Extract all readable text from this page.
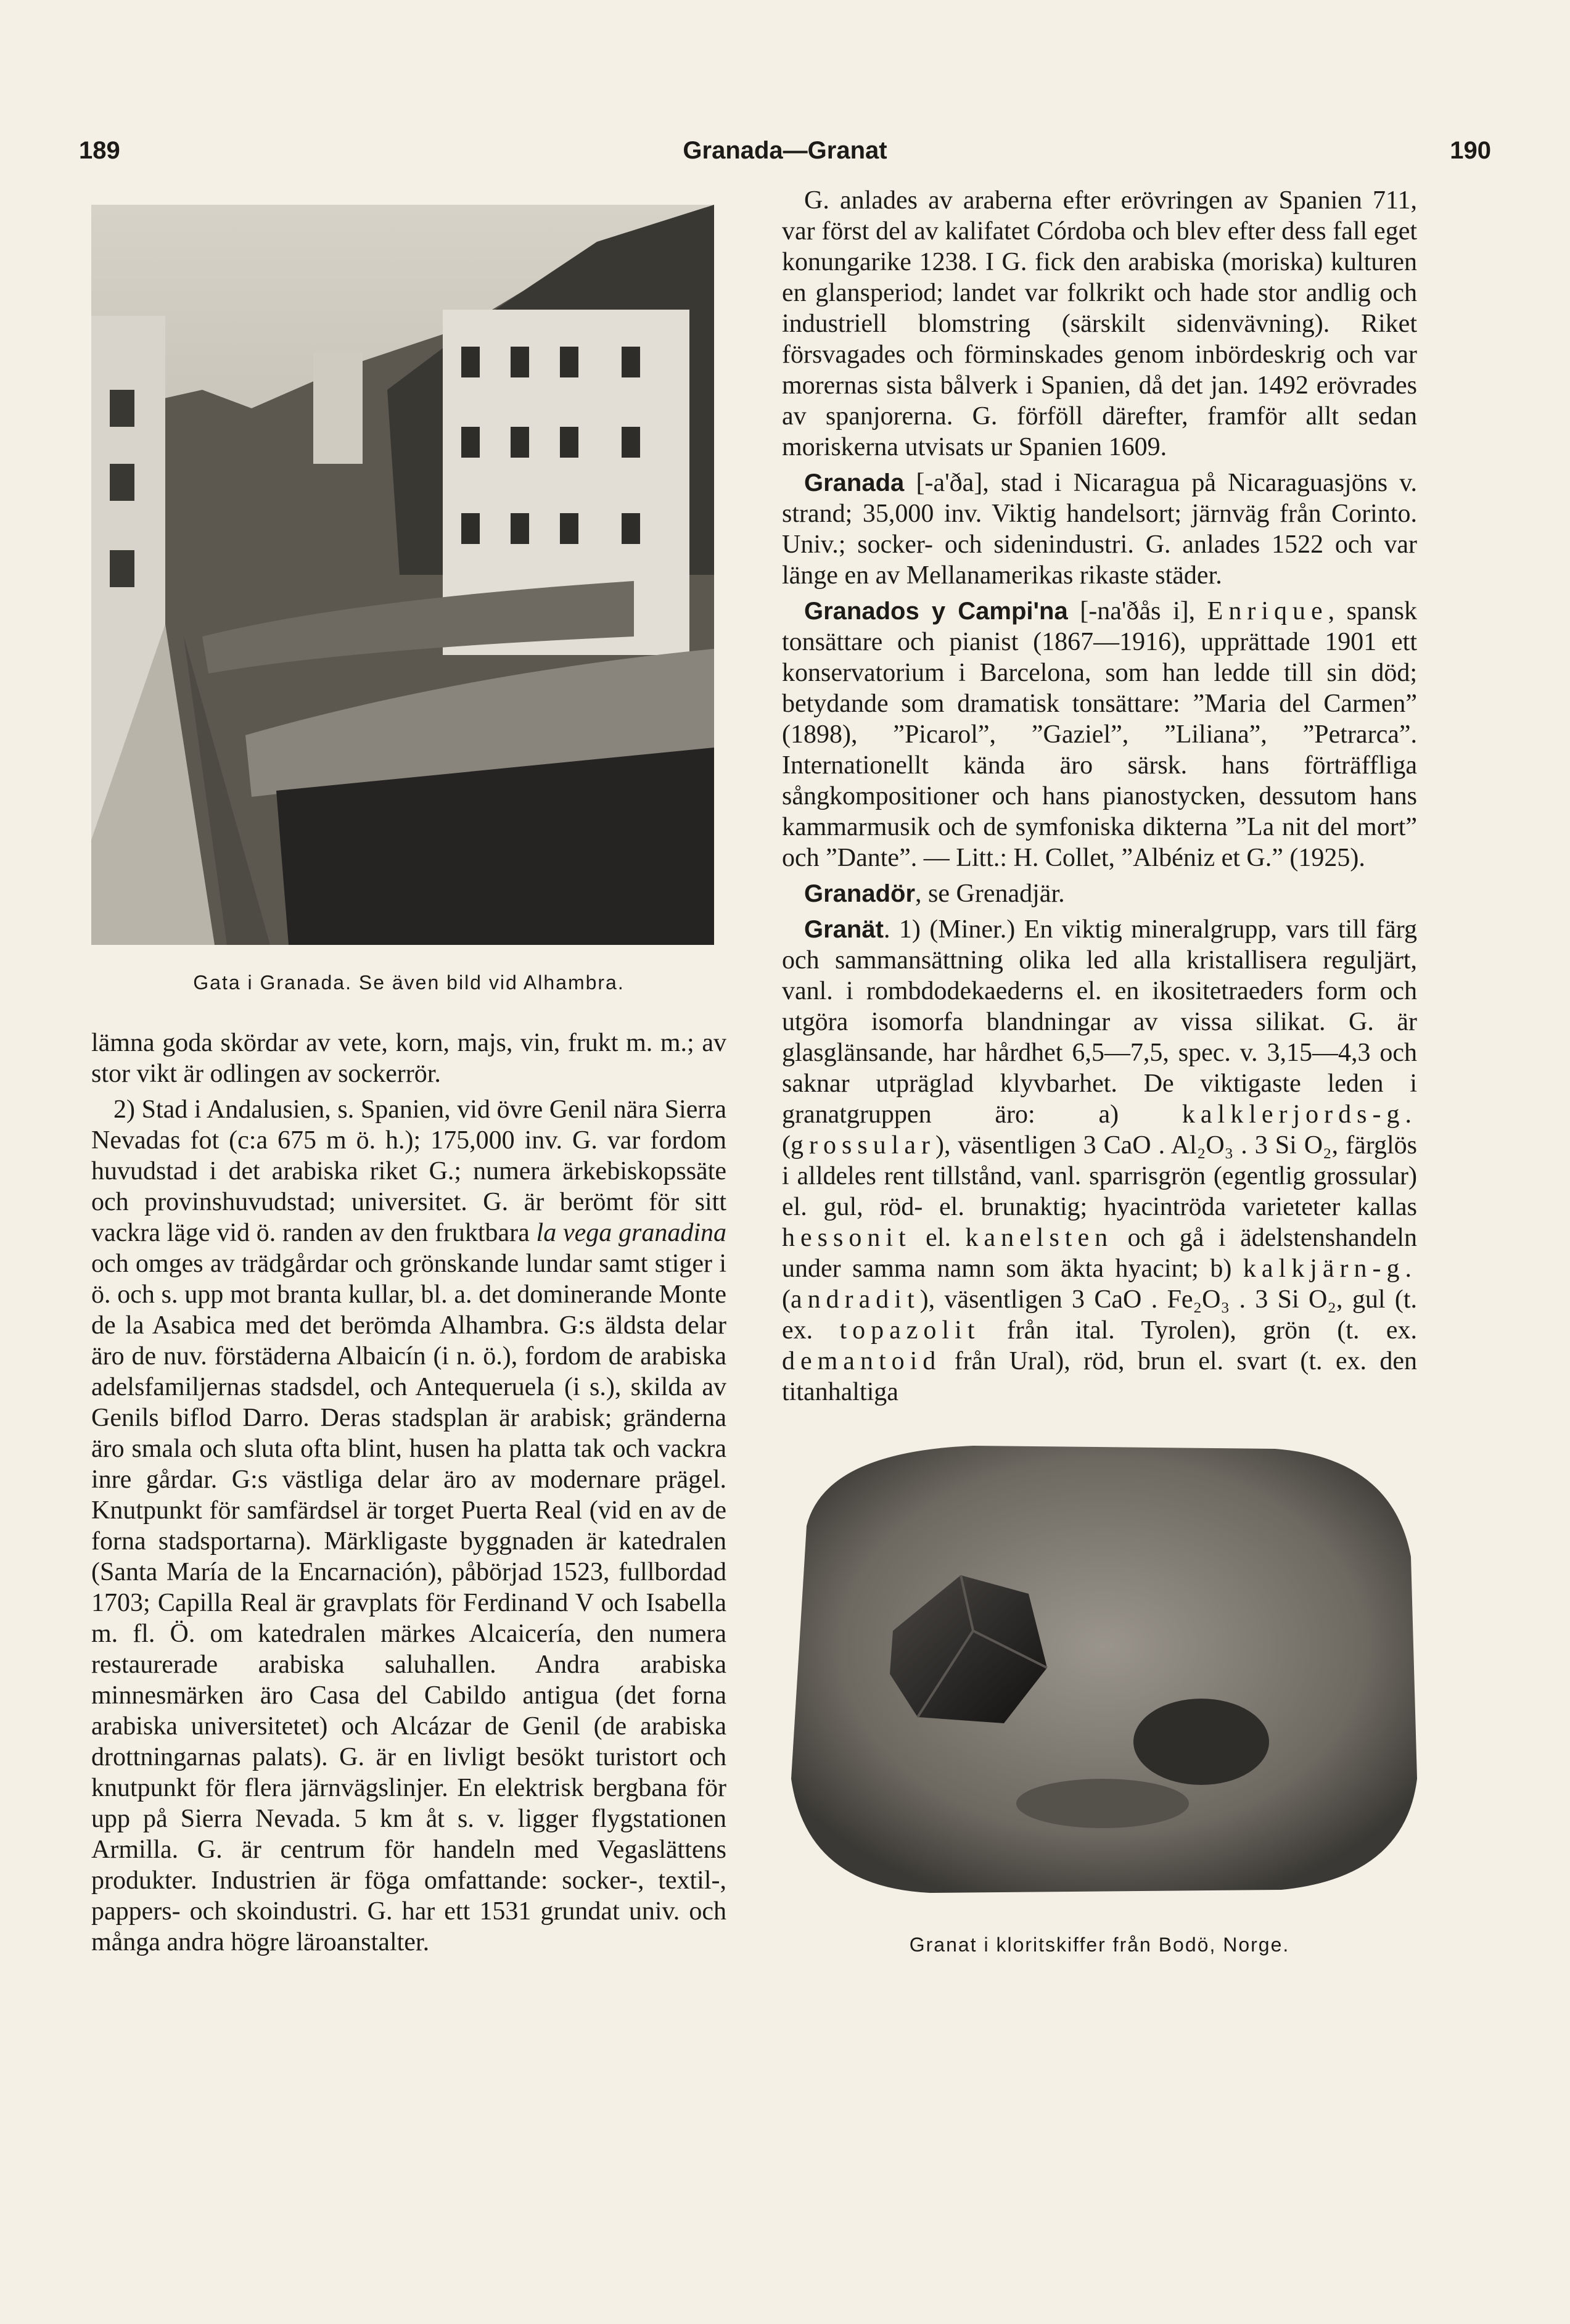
189	Granada—Granat	190
Gata i Granada. Se även bild vid Alhambra.

lämna goda skördar av vete, korn, majs, vin, frukt m. m.; av stor vikt är odlingen av sockerrör.

2) Stad i Andalusien, s. Spanien, vid övre Genil nära Sierra Nevadas fot (c:a 675 m ö. h.); 175,000 inv. G. var fordom huvudstad i det arabiska riket G.; numera ärkebiskopssäte och provinshuvudstad; universitet. G. är berömt för sitt vackra läge vid ö. randen av den fruktbara la vega granadina och omges av trädgårdar och grönskande lundar samt stiger i ö. och s. upp mot branta kullar, bl. a. det dominerande Monte de la Asabica med det berömda Alhambra. G:s äldsta delar äro de nuv. förstäderna Albaicín (i n. ö.), fordom de arabiska adelsfamiljernas stadsdel, och Antequeruela (i s.), skilda av Genils biflod Darro. Deras stadsplan är arabisk; gränderna äro smala och sluta ofta blint, husen ha platta tak och vackra inre gårdar. G:s västliga delar äro av modernare prägel. Knutpunkt för samfärdsel är torget Puerta Real (vid en av de forna stadsportarna). Märkligaste byggnaden är katedralen (Santa María de la Encarnación), påbörjad 1523, fullbordad 1703; Capilla Real är gravplats för Ferdinand V och Isabella m. fl. Ö. om katedralen märkes Alcaicería, den numera restaurerade arabiska saluhallen. Andra arabiska minnesmärken äro Casa del Cabildo antigua (det forna arabiska universitetet) och Alcázar de Genil (de arabiska drottningarnas palats). G. är en livligt besökt turistort och knutpunkt för flera järnvägslinjer. En elektrisk bergbana för upp på Sierra Nevada. 5 km åt s. v. ligger flygstationen Armilla. G. är centrum för handeln med Vegaslättens produkter. Industrien är föga omfattande: socker-, textil-, pappers- och skoindustri. G. har ett 1531 grundat univ. och många andra högre läroanstalter.

G. anlades av araberna efter erövringen av Spanien 711, var först del av kalifatet Córdoba och blev efter dess fall eget konungarike 1238. I G. fick den arabiska (moriska) kulturen en glansperiod; landet var folkrikt och hade stor andlig och industriell blomstring (särskilt sidenvävning). Riket försvagades och förminskades genom inbördeskrig och var morernas sista bålverk i Spanien, då det jan. 1492 erövrades av spanjorerna. G. förföll därefter, framför allt sedan moriskerna utvisats ur Spanien 1609.

Granada [-a'ða], stad i Nicaragua på Nicaraguasjöns v. strand; 35,000 inv. Viktig handelsort; järnväg från Corinto. Univ.; socker- och sidenindustri. G. anlades 1522 och var länge en av Mellanamerikas rikaste städer.

Granados y Campi'na [-na'ðås i], Enrique, spansk tonsättare och pianist (1867—1916), upprättade 1901 ett konservatorium i Barcelona, som han ledde till sin död; betydande som dramatisk tonsättare: ”Maria del Carmen” (1898), ”Picarol”, ”Gaziel”, ”Liliana”, ”Petrarca”. Internationellt kända äro särsk. hans förträffliga sångkompositioner och hans pianostycken, dessutom hans kammarmusik och de symfoniska dikterna ”La nit del mort” och ”Dante”. — Litt.: H. Collet, ”Albéniz et G.” (1925).

Granadör, se Grenadjär.

Granät. 1) (Miner.) En viktig mineralgrupp, vars till färg och sammansättning olika led alla kristallisera reguljärt, vanl. i rombdodekaederns el. en ikositetraeders form och utgöra isomorfa blandningar av vissa silikat. G. är glasglänsande, har hårdhet 6,5—7,5, spec. v. 3,15—4,3 och saknar utpräglad klyvbarhet. De viktigaste leden i granatgruppen äro: a) kalklerjords-g. (grossular), väsentligen 3 CaO . Al₂O₃ . 3 Si O₂, färglös i alldeles rent tillstånd, vanl. sparrisgrön (egentlig grossular) el. gul, röd- el. brunaktig; hyacintröda varieteter kallas hessonit el. kanelsten och gå i ädelstenshandeln under samma namn som äkta hyacint; b) kalkjärn-g. (andradit), väsentligen 3 CaO . Fe₂O₃ . 3 Si O₂, gul (t. ex. topazolit från ital. Tyrolen), grön (t. ex. demantoid från Ural), röd, brun el. svart (t. ex. den titanhaltiga

Granat i kloritskiffer från Bodö, Norge.
